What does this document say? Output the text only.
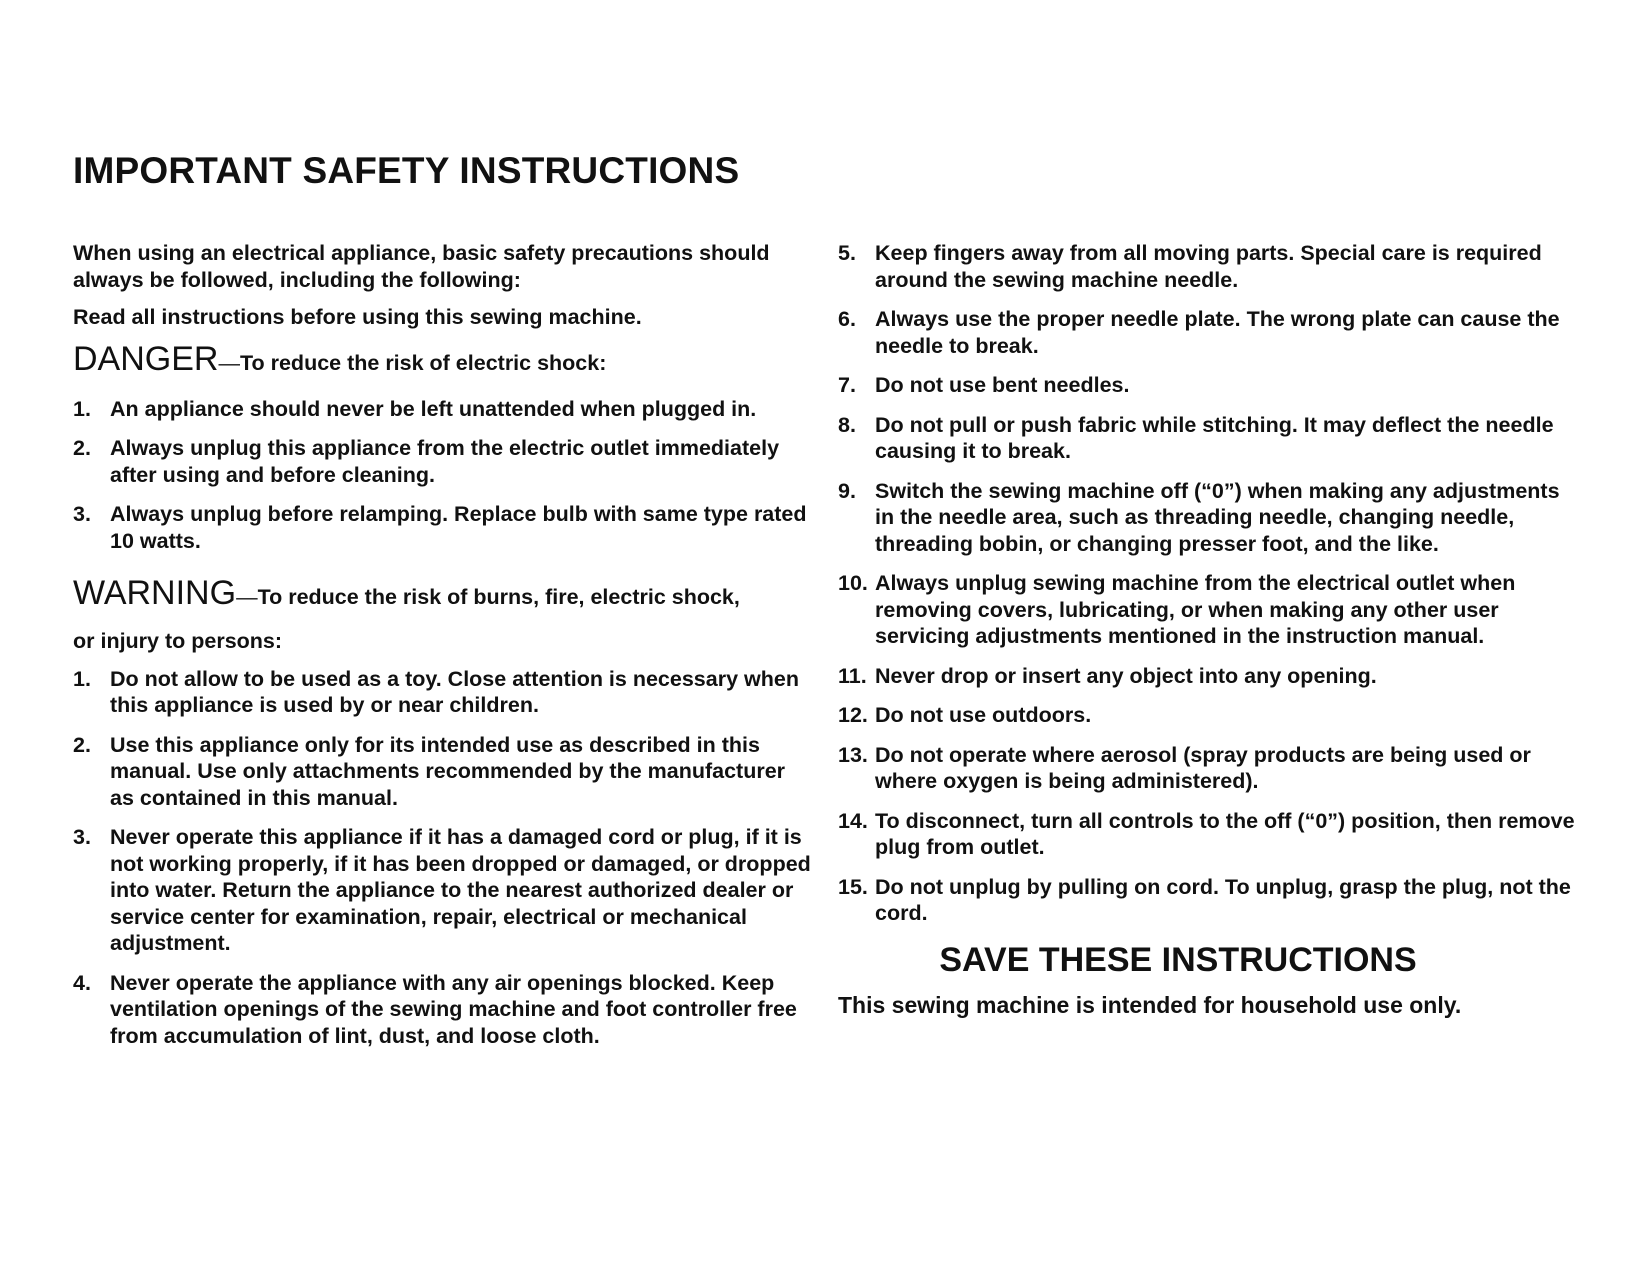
IMPORTANT SAFETY INSTRUCTIONS

When using an electrical appliance, basic safety precautions should always be followed, including the following:

Read all instructions before using this sewing machine.

DANGER—To reduce the risk of electric shock:
1. An appliance should never be left unattended when plugged in.
2. Always unplug this appliance from the electric outlet immediately after using and before cleaning.
3. Always unplug before relamping. Replace bulb with same type rated 10 watts.
WARNING—To reduce the risk of burns, fire, electric shock,
or injury to persons:
1. Do not allow to be used as a toy. Close attention is necessary when this appliance is used by or near children.
2. Use this appliance only for its intended use as described in this manual. Use only attachments recommended by the manufacturer as contained in this manual.
3. Never operate this appliance if it has a damaged cord or plug, if it is not working properly, if it has been dropped or damaged, or dropped into water. Return the appliance to the nearest authorized dealer or service center for examination, repair, electrical or mechanical adjustment.
4. Never operate the appliance with any air openings blocked. Keep ventilation openings of the sewing machine and foot controller free from accumulation of lint, dust, and loose cloth.
5. Keep fingers away from all moving parts. Special care is required around the sewing machine needle.
6. Always use the proper needle plate. The wrong plate can cause the needle to break.
7. Do not use bent needles.
8. Do not pull or push fabric while stitching. It may deflect the needle causing it to break.
9. Switch the sewing machine off (“0”) when making any adjustments in the needle area, such as threading needle, changing needle, threading bobin, or changing presser foot, and the like.
10. Always unplug sewing machine from the electrical outlet when removing covers, lubricating, or when making any other user servicing adjustments mentioned in the instruction manual.
11. Never drop or insert any object into any opening.
12. Do not use outdoors.
13. Do not operate where aerosol (spray products are being used or where oxygen is being administered).
14. To disconnect, turn all controls to the off (“0”) position, then remove plug from outlet.
15. Do not unplug by pulling on cord. To unplug, grasp the plug, not the cord.
SAVE THESE INSTRUCTIONS

This sewing machine is intended for household use only.
